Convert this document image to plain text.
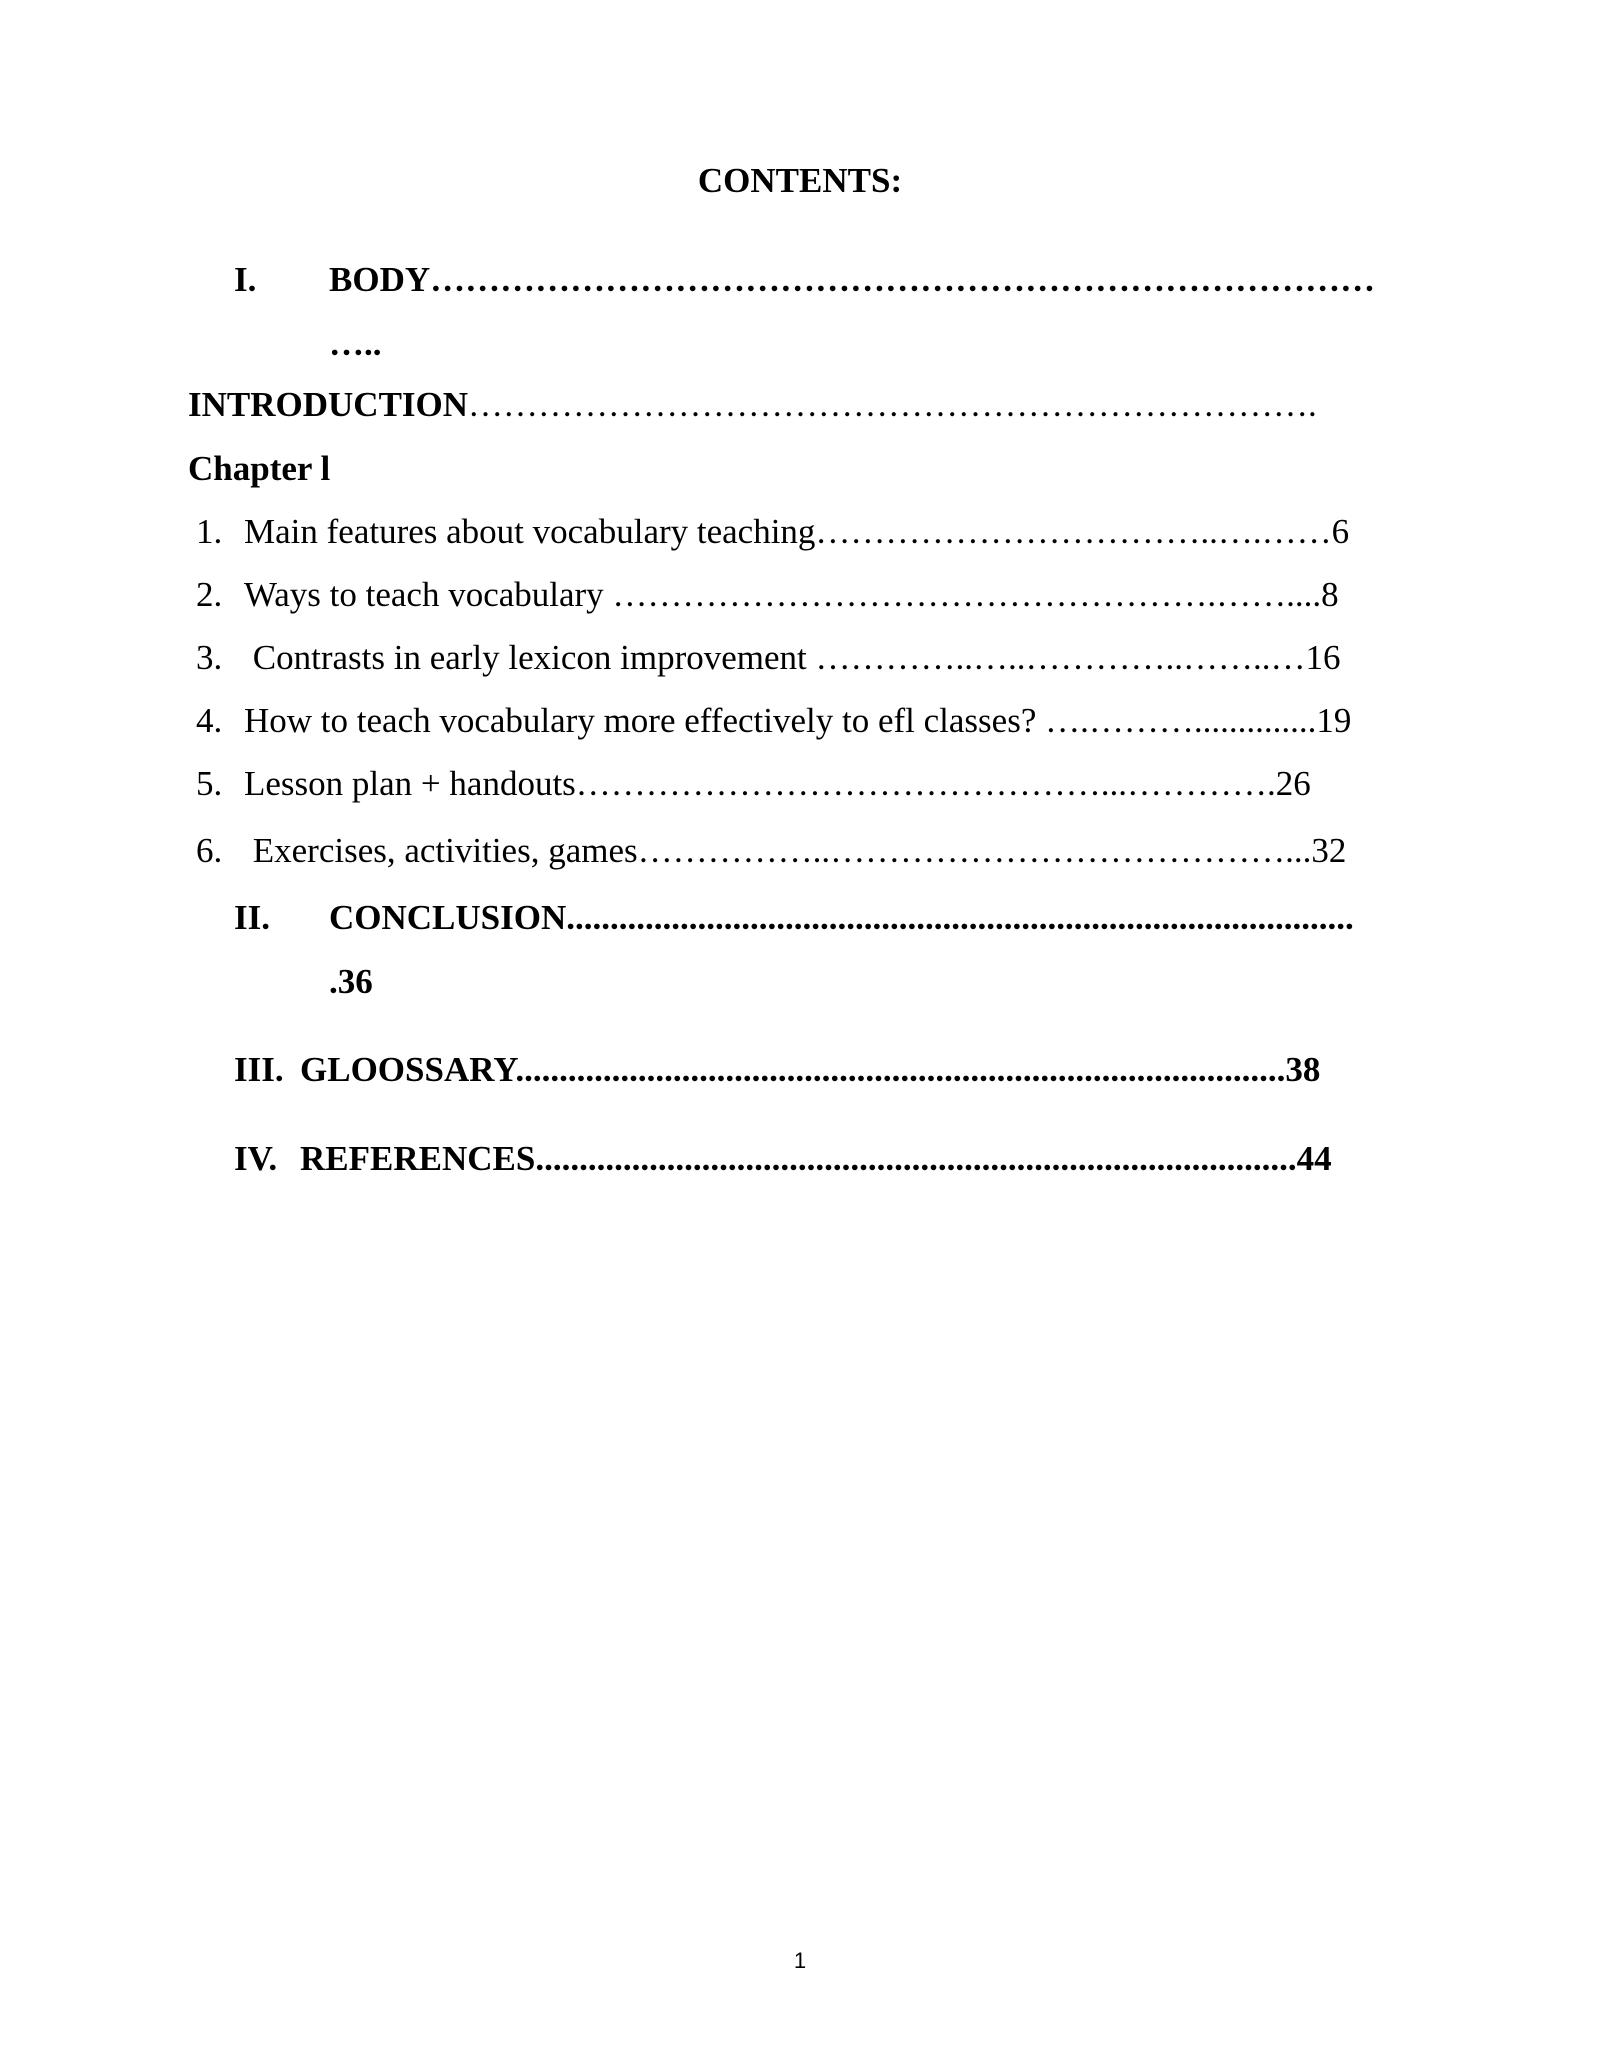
CONTENTS:
I. BODY………………………………………………………………………
…..
INTRODUCTION……………………………………………………………….
Chapter l
1. Main features about vocabulary teaching……………………………..….……6
2. Ways to teach vocabulary …………………………………………….……....8
3. Contrasts in early lexicon improvement …………..…..…………..……..…16
4. How to teach vocabulary more effectively to efl classes? ….………..............19
5. Lesson plan + handouts………………………………………...………….26
6. Exercises, activities, games……………..…………………………………...32
II. CONCLUSION..........................................................................................
.36
III. GLOOSSARY........................................................................................38
IV. REFERENCES.......................................................................................44
1
